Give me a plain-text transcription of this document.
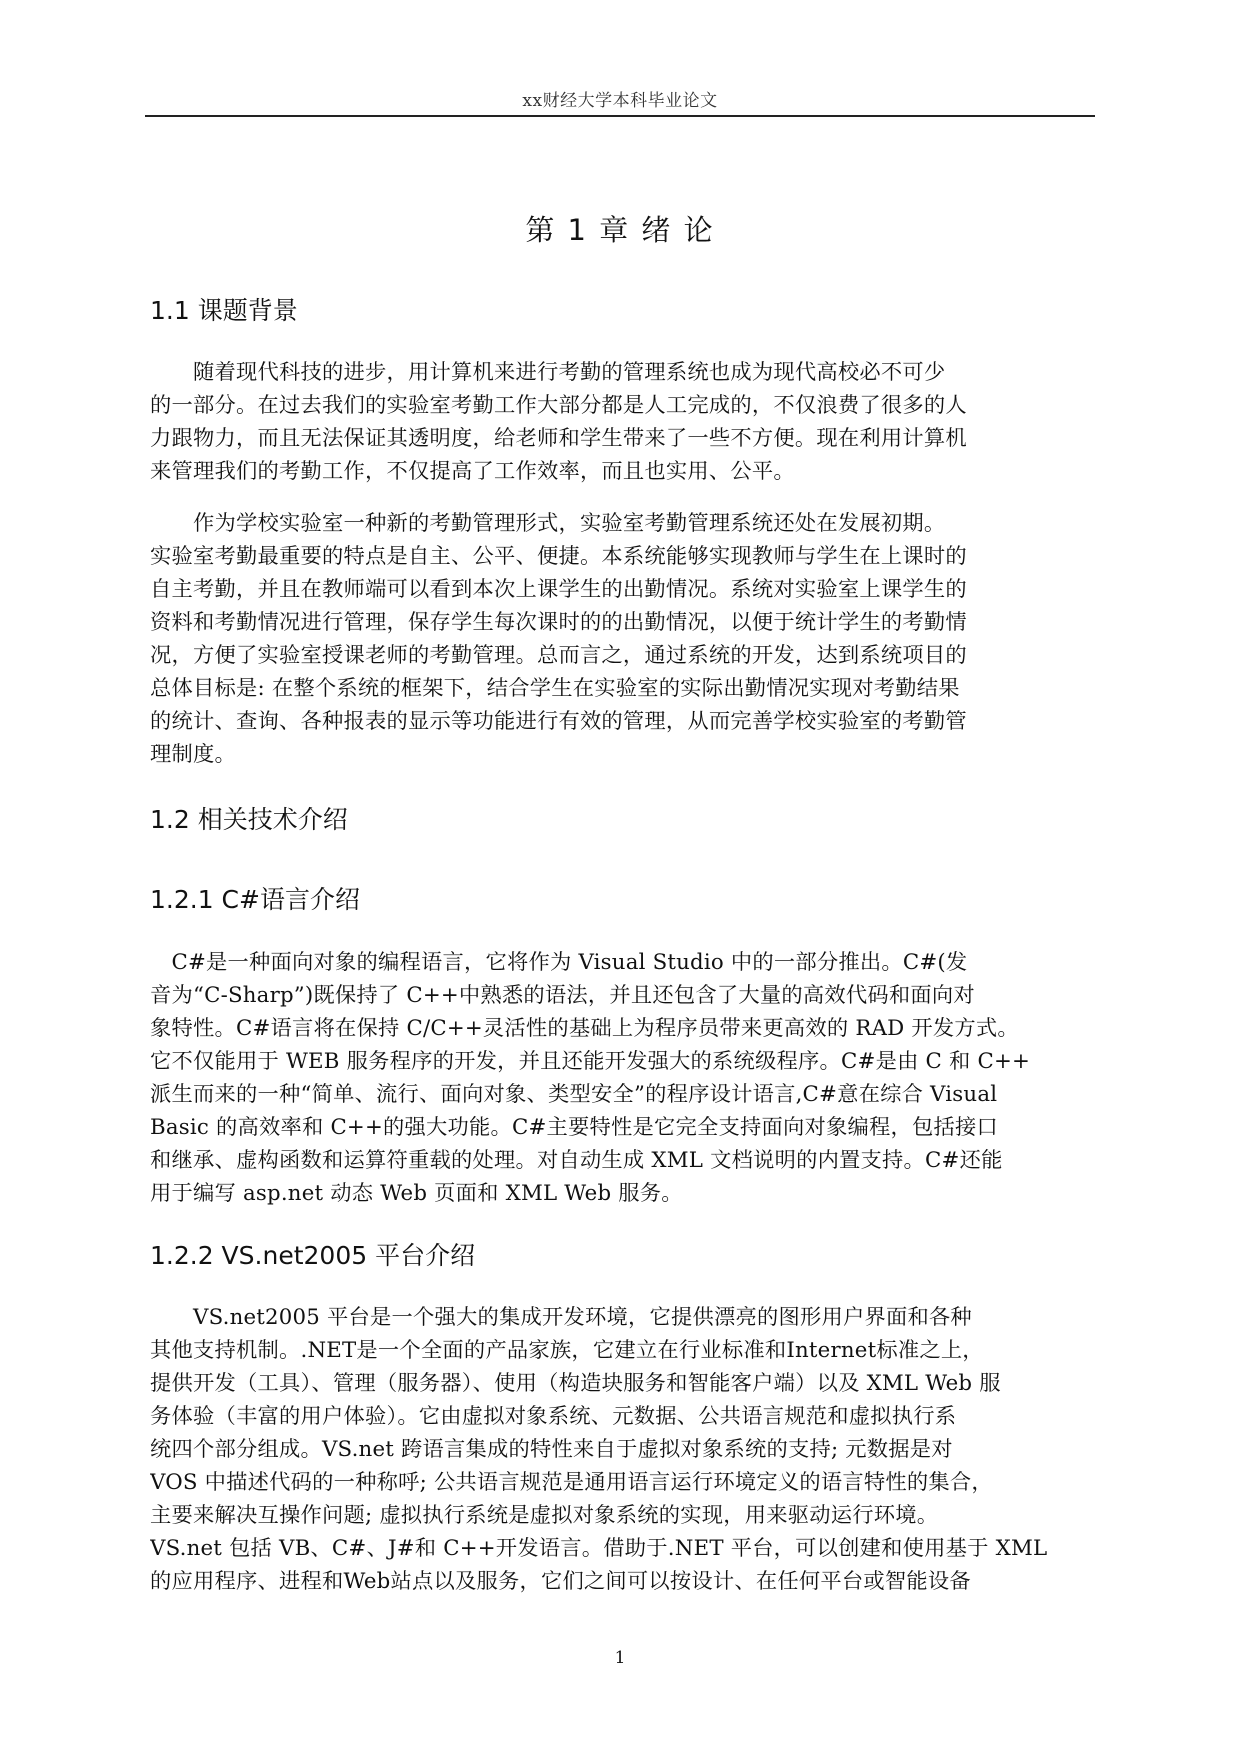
xx财经大学本科毕业论文
第 1 章 绪 论
1.1 课题背景
　　随着现代科技的进步，用计算机来进行考勤的管理系统也成为现代高校必不可少
的一部分。在过去我们的实验室考勤工作大部分都是人工完成的，不仅浪费了很多的人
力跟物力，而且无法保证其透明度，给老师和学生带来了一些不方便。现在利用计算机
来管理我们的考勤工作，不仅提高了工作效率，而且也实用、公平。
　　作为学校实验室一种新的考勤管理形式，实验室考勤管理系统还处在发展初期。
实验室考勤最重要的特点是自主、公平、便捷。本系统能够实现教师与学生在上课时的
自主考勤，并且在教师端可以看到本次上课学生的出勤情况。系统对实验室上课学生的
资料和考勤情况进行管理，保存学生每次课时的的出勤情况，以便于统计学生的考勤情
况，方便了实验室授课老师的考勤管理。总而言之，通过系统的开发，达到系统项目的
总体目标是: 在整个系统的框架下，结合学生在实验室的实际出勤情况实现对考勤结果
的统计、查询、各种报表的显示等功能进行有效的管理，从而完善学校实验室的考勤管
理制度。
1.2 相关技术介绍
1.2.1 C#语言介绍
　C#是一种面向对象的编程语言，它将作为 Visual Studio 中的一部分推出。C#(发
音为“C-Sharp”)既保持了 C++中熟悉的语法，并且还包含了大量的高效代码和面向对
象特性。C#语言将在保持 C/C++灵活性的基础上为程序员带来更高效的 RAD 开发方式。
它不仅能用于 WEB 服务程序的开发，并且还能开发强大的系统级程序。C#是由 C 和 C++
派生而来的一种“简单、流行、面向对象、类型安全”的程序设计语言,C#意在综合 Visual
Basic 的高效率和 C++的强大功能。C#主要特性是它完全支持面向对象编程，包括接口
和继承、虚构函数和运算符重载的处理。对自动生成 XML 文档说明的内置支持。C#还能
用于编写 asp.net 动态 Web 页面和 XML Web 服务。
1.2.2 VS.net2005 平台介绍
　　VS.net2005 平台是一个强大的集成开发环境，它提供漂亮的图形用户界面和各种
其他支持机制。.NET是一个全面的产品家族，它建立在行业标准和Internet标准之上，
提供开发（工具）、管理（服务器）、使用（构造块服务和智能客户端）以及 XML Web 服
务体验（丰富的用户体验）。它由虚拟对象系统、元数据、公共语言规范和虚拟执行系
统四个部分组成。VS.net 跨语言集成的特性来自于虚拟对象系统的支持; 元数据是对
VOS 中描述代码的一种称呼; 公共语言规范是通用语言运行环境定义的语言特性的集合，
主要来解决互操作问题; 虚拟执行系统是虚拟对象系统的实现，用来驱动运行环境。
VS.net 包括 VB、C#、J#和 C++开发语言。借助于.NET 平台，可以创建和使用基于 XML
的应用程序、进程和Web站点以及服务，它们之间可以按设计、在任何平台或智能设备
1
